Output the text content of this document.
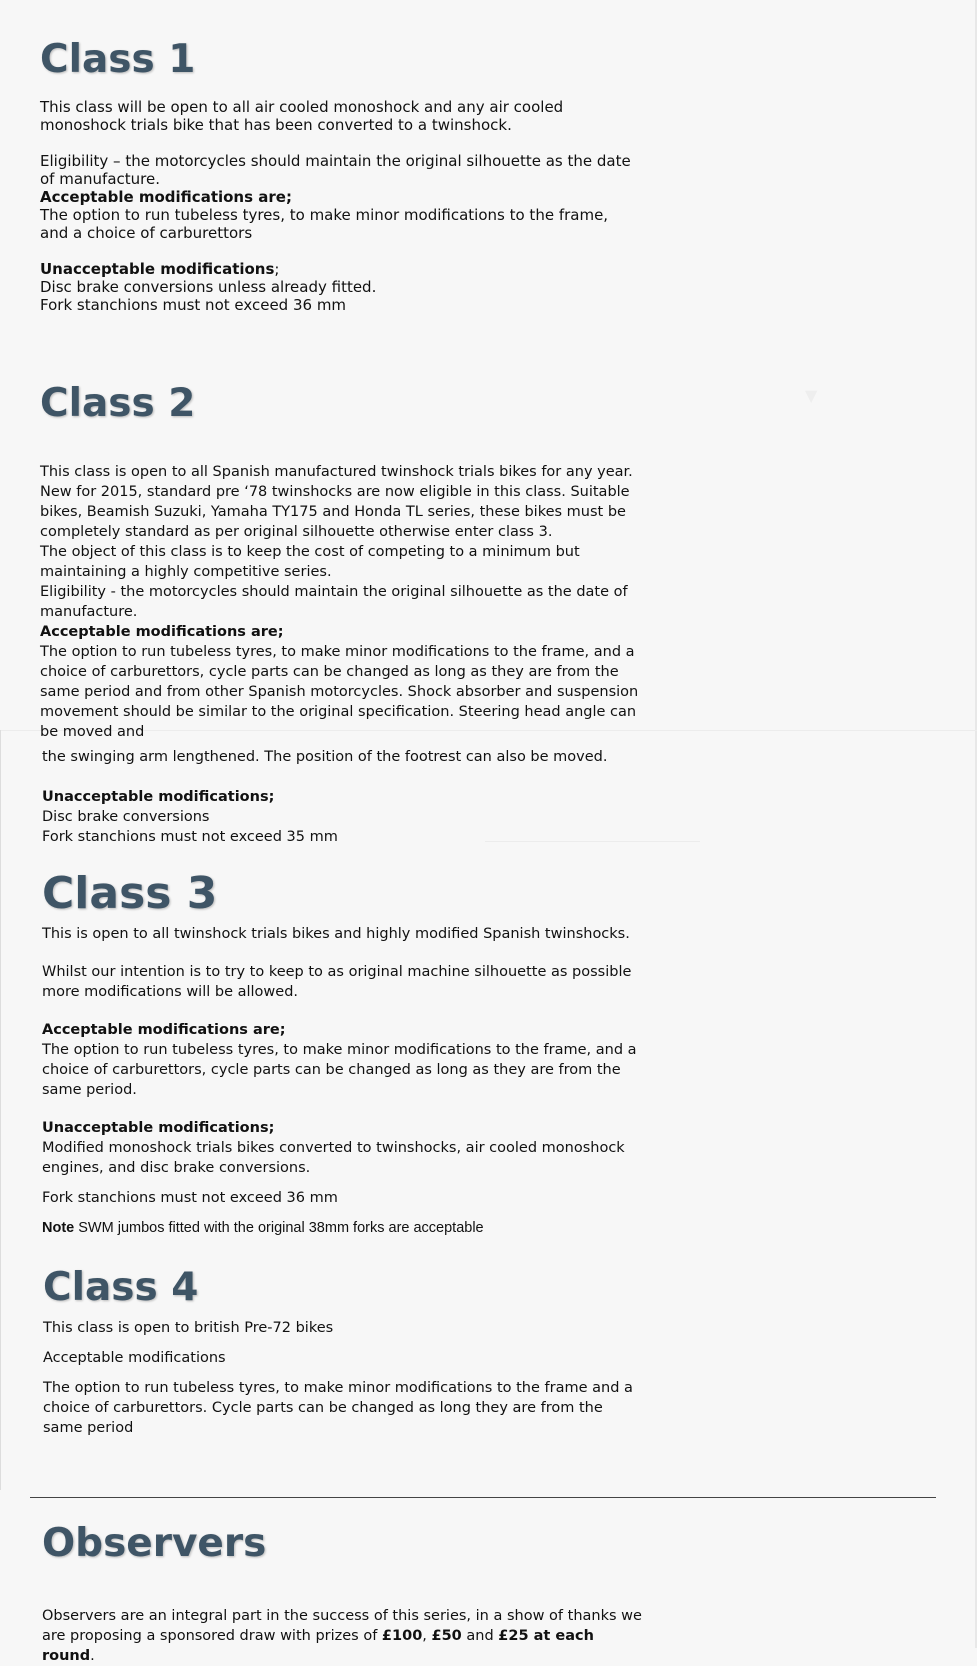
▼
Class 1

This class will be open to all air cooled monoshock and any air cooled monoshock trials bike that has been converted to a twinshock.

Eligibility – the motorcycles should maintain the original silhouette as the date of manufacture.

Acceptable modifications are;

The option to run tubeless tyres, to make minor modifications to the frame, and a choice of carburettors

Unacceptable modifications;

Disc brake conversions unless already fitted.

Fork stanchions must not exceed 36 mm

Class 2

This class is open to all Spanish manufactured twinshock trials bikes for any year.

New for 2015, standard pre ‘78 twinshocks are now eligible in this class. Suitable bikes, Beamish Suzuki, Yamaha TY175 and Honda TL series, these bikes must be completely standard as per original silhouette otherwise enter class 3.

The object of this class is to keep the cost of competing to a minimum but maintaining a highly competitive series.

Eligibility - the motorcycles should maintain the original silhouette as the date of manufacture.

Acceptable modifications are;

The option to run tubeless tyres, to make minor modifications to the frame, and a choice of carburettors, cycle parts can be changed as long as they are from the same period and from other Spanish motorcycles. Shock absorber and suspension movement should be similar to the original specification. Steering head angle can be moved and

the swinging arm lengthened. The position of the footrest can also be moved.

Unacceptable modifications;

Disc brake conversions

Fork stanchions must not exceed 35 mm

Class 3

This is open to all twinshock trials bikes and highly modified Spanish twinshocks.

Whilst our intention is to try to keep to as original machine silhouette as possible more modifications will be allowed.

Acceptable modifications are;

The option to run tubeless tyres, to make minor modifications to the frame, and a choice of carburettors, cycle parts can be changed as long as they are from the same period.

Unacceptable modifications;

Modified monoshock trials bikes converted to twinshocks, air cooled monoshock engines, and disc brake conversions.

Fork stanchions must not exceed 36 mm

Note SWM jumbos fitted with the original 38mm forks are acceptable

Class 4

This class is open to british Pre-72 bikes

Acceptable modifications

The option to run tubeless tyres, to make minor modifications to the frame and a choice of carburettors. Cycle parts can be changed as long they are from the same period

Observers

Observers are an integral part in the success of this series, in a show of thanks we are proposing a sponsored draw with prizes of £100, £50 and £25 at each round.
